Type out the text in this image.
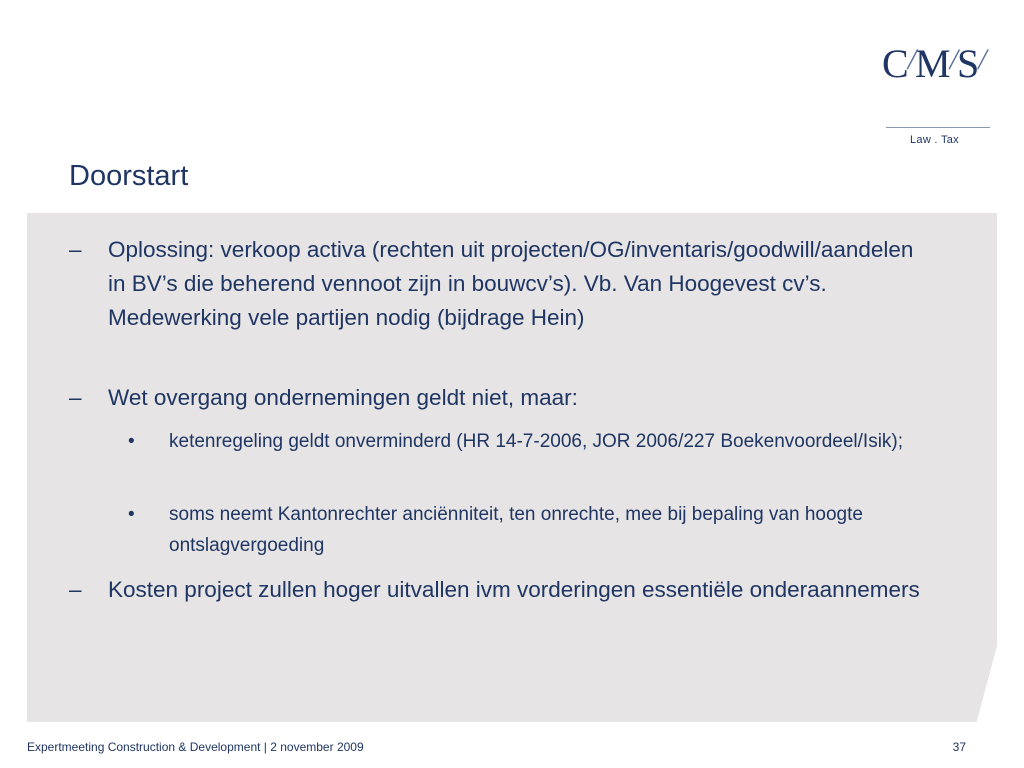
C/M/S/
Law . Tax
Doorstart
–	Oplossing: verkoop activa (rechten uit projecten/OG/inventaris/goodwill/aandelen in BV’s die beherend vennoot zijn in bouwcv’s). Vb. Van Hoogevest cv’s. Medewerking vele partijen nodig (bijdrage Hein)
–	Wet overgang ondernemingen geldt niet, maar:
•	ketenregeling geldt onverminderd (HR 14-7-2006, JOR 2006/227 Boekenvoordeel/Isik);
•	soms neemt Kantonrechter anciënniteit, ten onrechte, mee bij bepaling van hoogte ontslagvergoeding
–	Kosten project zullen hoger uitvallen ivm vorderingen essentiële onderaannemers
Expertmeeting Construction & Development | 2 november 2009	37
